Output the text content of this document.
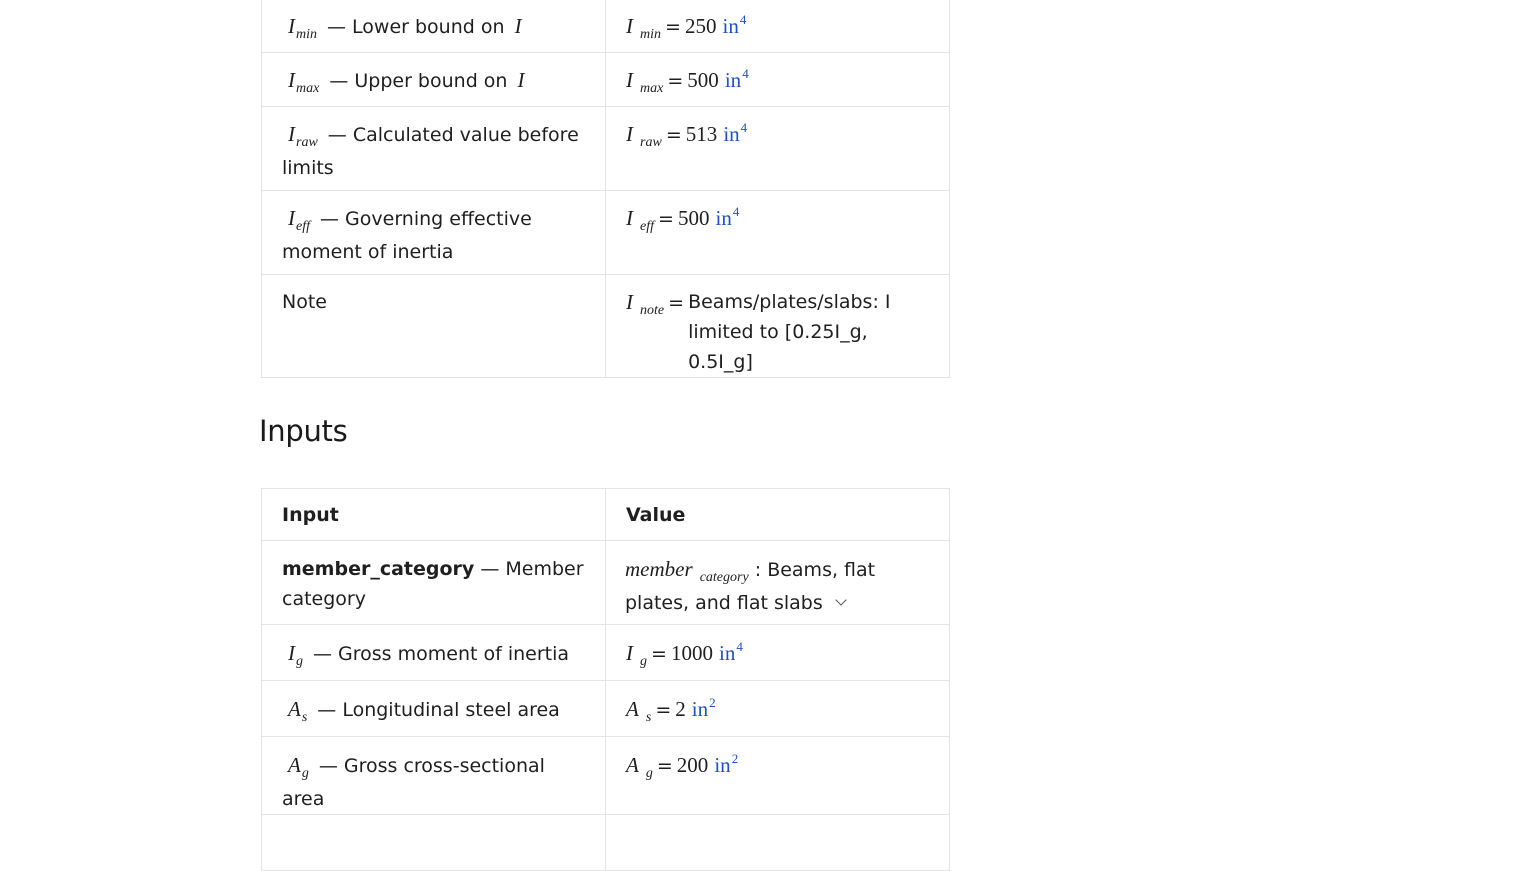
$I_{min}$ — Lower bound on I	I $_{min}$ = 250 $in^4$
$I_{max}$ — Upper bound on I	I $_{max}$ = 500 $in^4$
$I_{raw}$ — Calculated value before limits	I $_{raw}$ = 513 $in^4$
$I_{eff}$ — Governing effective moment of inertia	I $_{eff}$ = 500 $in^4$
Note	I $_{note}$ = Beams/plates/slabs: I limited to [0.25I_g, 0.5I_g]
Inputs
Input	Value
member_category — Member category	member $_{category}$ : Beams, flat plates, and flat slabs
$I_g$ — Gross moment of inertia	I $_g$ = 1000 $in^4$
$A_s$ — Longitudinal steel area	A $_s$ = 2 $in^2$
$A_g$ — Gross cross-sectional area	A $_g$ = 200 $in^2$
